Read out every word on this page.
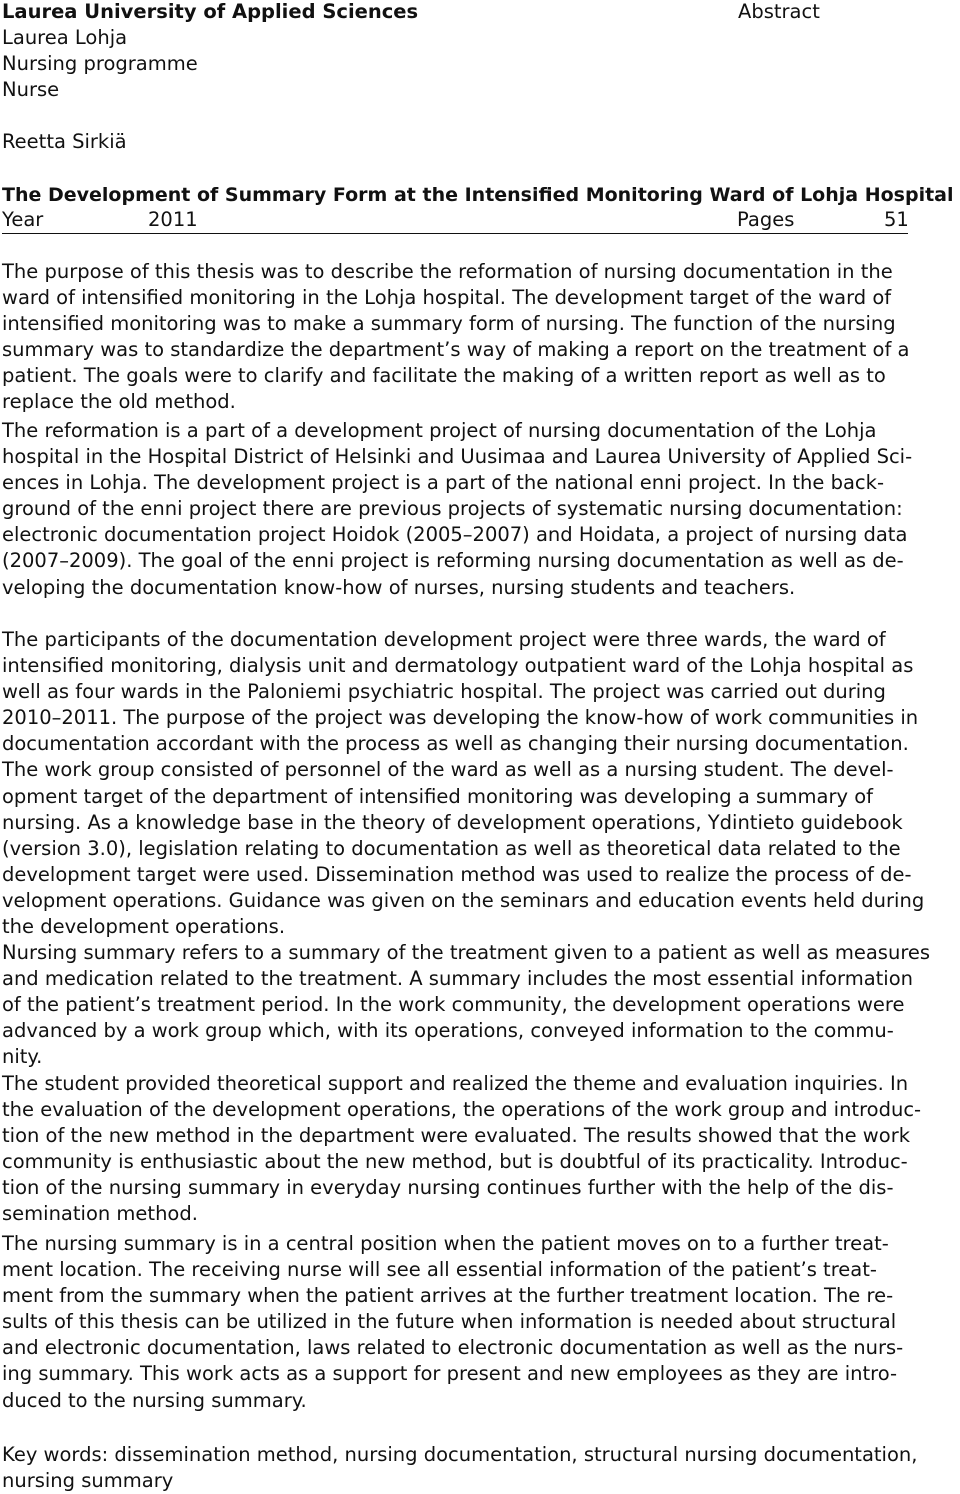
Laurea University of Applied Sciences	Abstract
Laurea Lohja
Nursing programme
Nurse
Reetta Sirkiä
The Development of Summary Form at the Intensified Monitoring Ward of Lohja Hospital
Year	2011	Pages	51
The purpose of this thesis was to describe the reformation of nursing documentation in the
ward of intensified monitoring in the Lohja hospital. The development target of the ward of
intensified monitoring was to make a summary form of nursing. The function of the nursing
summary was to standardize the department’s way of making a report on the treatment of a
patient. The goals were to clarify and facilitate the making of a written report as well as to
replace the old method.
The reformation is a part of a development project of nursing documentation of the Lohja
hospital in the Hospital District of Helsinki and Uusimaa and Laurea University of Applied Sci-
ences in Lohja. The development project is a part of the national enni project. In the back-
ground of the enni project there are previous projects of systematic nursing documentation:
electronic documentation project Hoidok (2005–2007) and Hoidata, a project of nursing data
(2007–2009). The goal of the enni project is reforming nursing documentation as well as de-
veloping the documentation know-how of nurses, nursing students and teachers.
The participants of the documentation development project were three wards, the ward of
intensified monitoring, dialysis unit and dermatology outpatient ward of the Lohja hospital as
well as four wards in the Paloniemi psychiatric hospital. The project was carried out during
2010–2011. The purpose of the project was developing the know-how of work communities in
documentation accordant with the process as well as changing their nursing documentation.
The work group consisted of personnel of the ward as well as a nursing student. The devel-
opment target of the department of intensified monitoring was developing a summary of
nursing. As a knowledge base in the theory of development operations, Ydintieto guidebook
(version 3.0), legislation relating to documentation as well as theoretical data related to the
development target were used. Dissemination method was used to realize the process of de-
velopment operations. Guidance was given on the seminars and education events held during
the development operations.
Nursing summary refers to a summary of the treatment given to a patient as well as measures
and medication related to the treatment. A summary includes the most essential information
of the patient’s treatment period. In the work community, the development operations were
advanced by a work group which, with its operations, conveyed information to the commu-
nity.
The student provided theoretical support and realized the theme and evaluation inquiries. In
the evaluation of the development operations, the operations of the work group and introduc-
tion of the new method in the department were evaluated. The results showed that the work
community is enthusiastic about the new method, but is doubtful of its practicality. Introduc-
tion of the nursing summary in everyday nursing continues further with the help of the dis-
semination method.
The nursing summary is in a central position when the patient moves on to a further treat-
ment location. The receiving nurse will see all essential information of the patient’s treat-
ment from the summary when the patient arrives at the further treatment location. The re-
sults of this thesis can be utilized in the future when information is needed about structural
and electronic documentation, laws related to electronic documentation as well as the nurs-
ing summary. This work acts as a support for present and new employees as they are intro-
duced to the nursing summary.
Key words: dissemination method, nursing documentation, structural nursing documentation,
nursing summary
